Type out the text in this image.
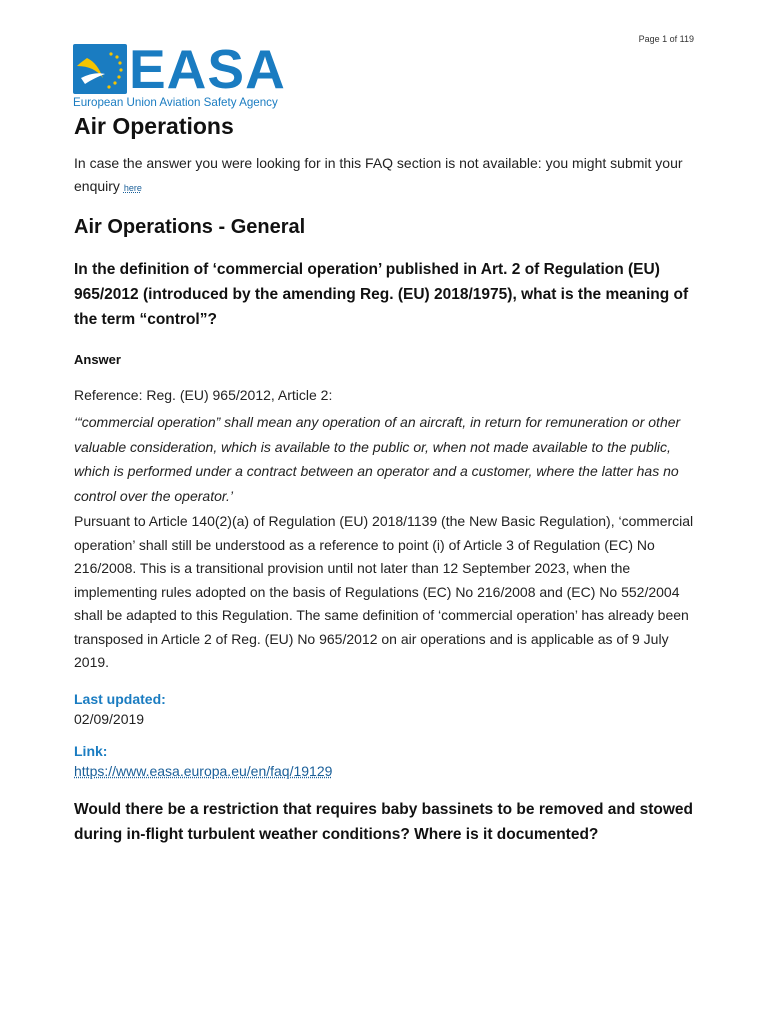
Page 1 of 119
EASA
European Union Aviation Safety Agency
Air Operations

In case the answer you were looking for in this FAQ section is not available: you might submit your enquiry here

Air Operations - General
In the definition of ‘commercial operation’ published in Art. 2 of Regulation (EU) 965/2012 (introduced by the amending Reg. (EU) 2018/1975), what is the meaning of the term “control”?
Answer
Reference: Reg. (EU) 965/2012, Article 2:
‘“commercial operation” shall mean any operation of an aircraft, in return for remuneration or other valuable consideration, which is available to the public or, when not made available to the public, which is performed under a contract between an operator and a customer, where the latter has no control over the operator.’
Pursuant to Article 140(2)(a) of Regulation (EU) 2018/1139 (the New Basic Regulation), ‘commercial operation’ shall still be understood as a reference to point (i) of Article 3 of Regulation (EC) No 216/2008. This is a transitional provision until not later than 12 September 2023, when the implementing rules adopted on the basis of Regulations (EC) No 216/2008 and (EC) No 552/2004 shall be adapted to this Regulation. The same definition of ‘commercial operation’ has already been transposed in Article 2 of Reg. (EU) No 965/2012 on air operations and is applicable as of 9 July 2019.
Last updated:
02/09/2019
Link:
https://www.easa.europa.eu/en/faq/19129
Would there be a restriction that requires baby bassinets to be removed and stowed during in-flight turbulent weather conditions? Where is it documented?
